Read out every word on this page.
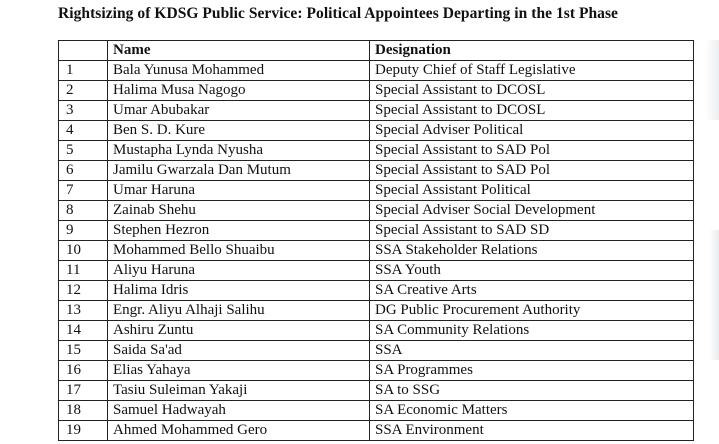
Rightsizing of KDSG Public Service: Political Appointees Departing in the 1st Phase
	Name	Designation
1	Bala Yunusa Mohammed	Deputy Chief of Staff Legislative
2	Halima Musa Nagogo	Special Assistant to DCOSL
3	Umar Abubakar	Special Assistant to DCOSL
4	Ben S. D. Kure	Special Adviser Political
5	Mustapha Lynda Nyusha	Special Assistant to SAD Pol
6	Jamilu Gwarzala Dan Mutum	Special Assistant to SAD Pol
7	Umar Haruna	Special Assistant Political
8	Zainab Shehu	Special Adviser Social Development
9	Stephen Hezron	Special Assistant to SAD SD
10	Mohammed Bello Shuaibu	SSA Stakeholder Relations
11	Aliyu Haruna	SSA Youth
12	Halima Idris	SA Creative Arts
13	Engr. Aliyu Alhaji Salihu	DG Public Procurement Authority
14	Ashiru Zuntu	SA Community Relations
15	Saida Sa'ad	SSA
16	Elias Yahaya	SA Programmes
17	Tasiu Suleiman Yakaji	SA to SSG
18	Samuel Hadwayah	SA Economic Matters
19	Ahmed Mohammed Gero	SSA Environment
